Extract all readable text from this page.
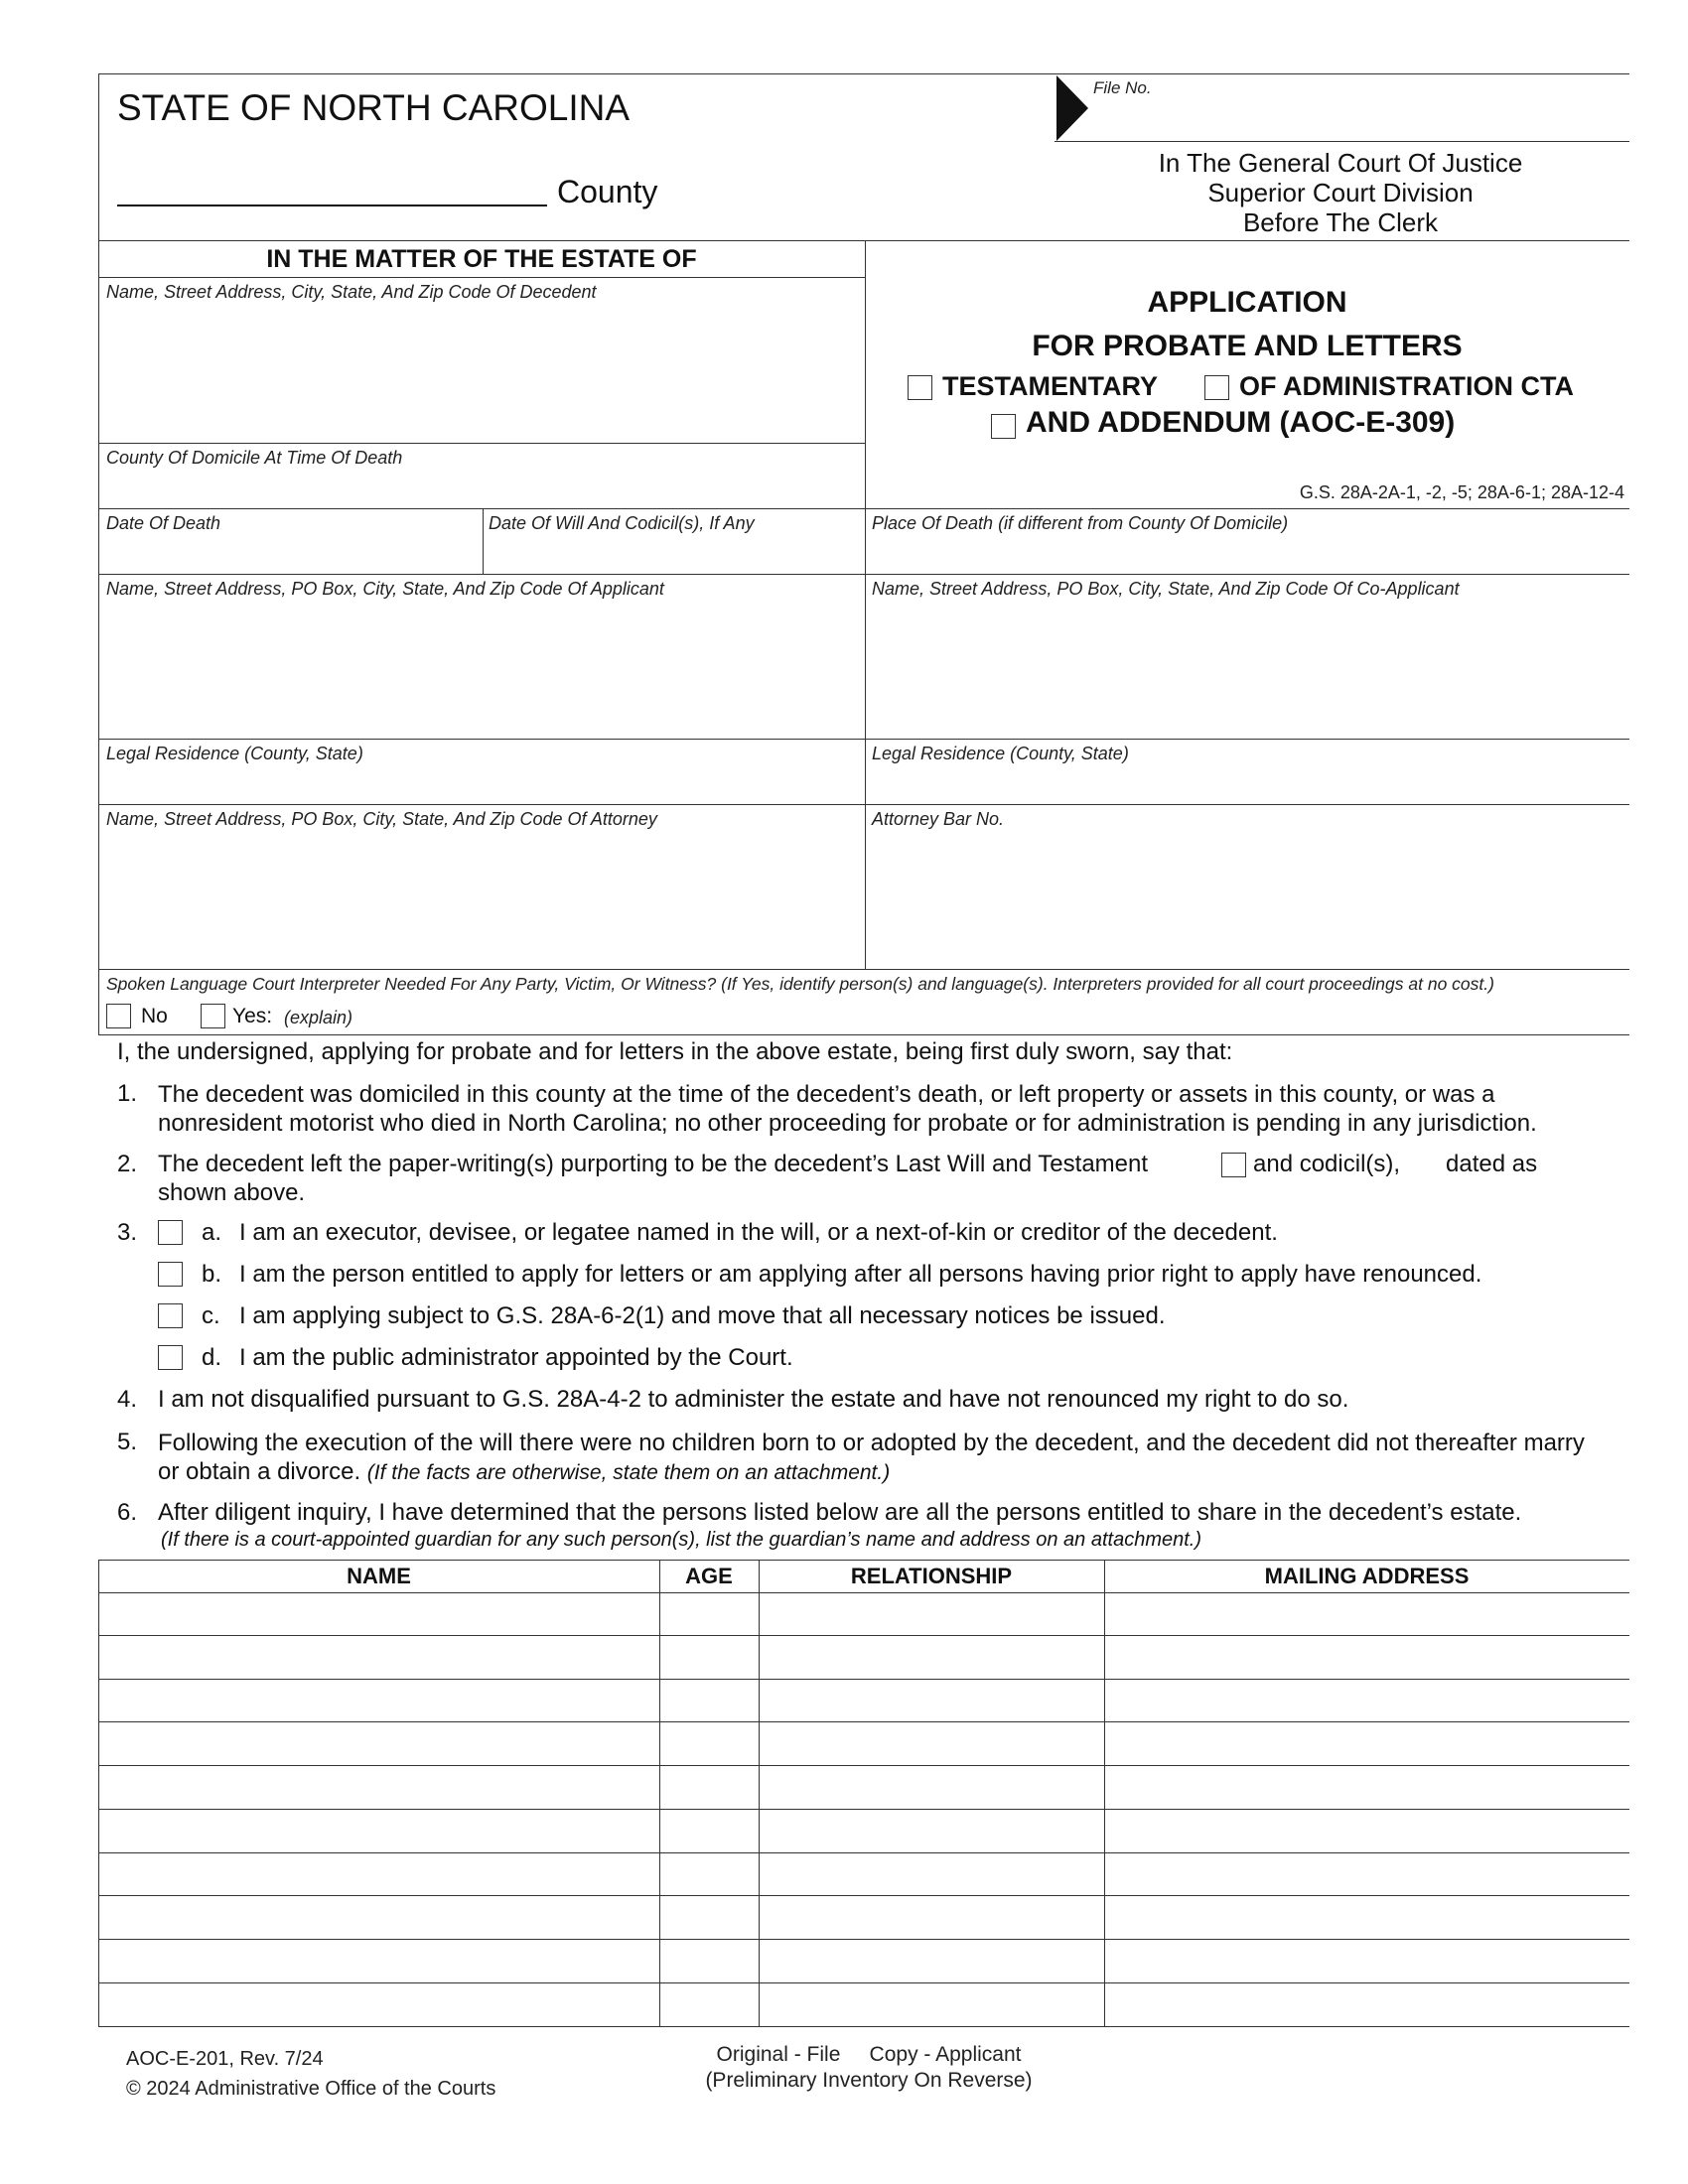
STATE OF NORTH CAROLINA
County
File No.
In The General Court Of Justice
Superior Court Division
Before The Clerk
IN THE MATTER OF THE ESTATE OF
Name, Street Address, City, State, And Zip Code Of Decedent
County Of Domicile At Time Of Death
APPLICATION
FOR PROBATE AND LETTERS
TESTAMENTARY	OF ADMINISTRATION CTA
AND ADDENDUM (AOC-E-309)
G.S. 28A-2A-1, -2, -5; 28A-6-1; 28A-12-4
Date Of Death	Date Of Will And Codicil(s), If Any	Place Of Death (if different from County Of Domicile)
Name, Street Address, PO Box, City, State, And Zip Code Of Applicant	Name, Street Address, PO Box, City, State, And Zip Code Of Co-Applicant
Legal Residence (County, State)	Legal Residence (County, State)
Name, Street Address, PO Box, City, State, And Zip Code Of Attorney	Attorney Bar No.
Spoken Language Court Interpreter Needed For Any Party, Victim, Or Witness? (If Yes, identify person(s) and language(s). Interpreters provided for all court proceedings at no cost.)
No	Yes: (explain)
I, the undersigned, applying for probate and for letters in the above estate, being first duly sworn, say that:
1. The decedent was domiciled in this county at the time of the decedent’s death, or left property or assets in this county, or was a nonresident motorist who died in North Carolina; no other proceeding for probate or for administration is pending in any jurisdiction.
2. The decedent left the paper-writing(s) purporting to be the decedent’s Last Will and Testament	and codicil(s), dated as
shown above.
3.	a. I am an executor, devisee, or legatee named in the will, or a next-of-kin or creditor of the decedent.
b. I am the person entitled to apply for letters or am applying after all persons having prior right to apply have renounced.
c. I am applying subject to G.S. 28A-6-2(1) and move that all necessary notices be issued.
d. I am the public administrator appointed by the Court.
4. I am not disqualified pursuant to G.S. 28A-4-2 to administer the estate and have not renounced my right to do so.
5. Following the execution of the will there were no children born to or adopted by the decedent, and the decedent did not thereafter marry or obtain a divorce. (If the facts are otherwise, state them on an attachment.)
6. After diligent inquiry, I have determined that the persons listed below are all the persons entitled to share in the decedent’s estate.
(If there is a court-appointed guardian for any such person(s), list the guardian’s name and address on an attachment.)
NAME	AGE	RELATIONSHIP	MAILING ADDRESS
AOC-E-201, Rev. 7/24
© 2024 Administrative Office of the Courts
Original - File     Copy - Applicant
(Preliminary Inventory On Reverse)
